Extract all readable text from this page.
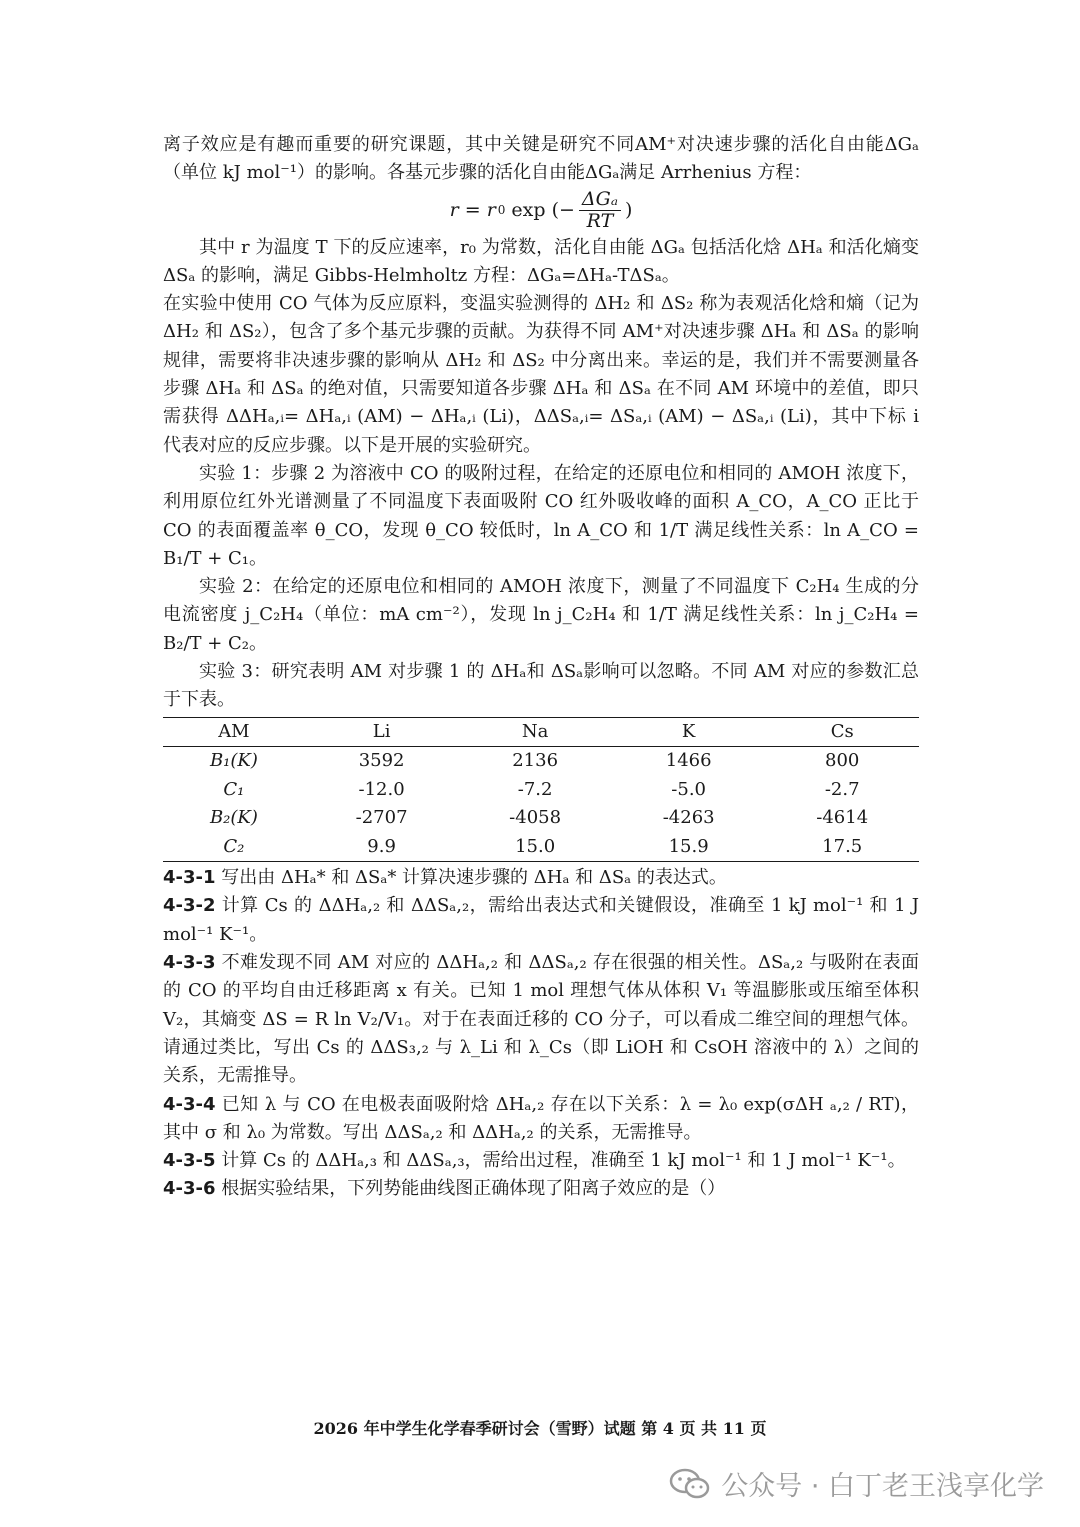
离子效应是有趣而重要的研究课题，其中关键是研究不同AM⁺对决速步骤的活化自由能ΔGₐ（单位 kJ mol⁻¹）的影响。各基元步骤的活化自由能ΔGₐ满足 Arrhenius 方程：

r = r 0 exp (− $\frac{\text{ΔGₐ}}{RT}$ )

其中 r 为温度 T 下的反应速率，r₀ 为常数，活化自由能 ΔGₐ 包括活化焓 ΔHₐ 和活化熵变 ΔSₐ 的影响，满足 Gibbs-Helmholtz 方程：ΔGₐ=ΔHₐ-TΔSₐ。

在实验中使用 CO 气体为反应原料，变温实验测得的 ΔH₂ 和 ΔS₂ 称为表观活化焓和熵（记为 ΔH₂ 和 ΔS₂），包含了多个基元步骤的贡献。为获得不同 AM⁺对决速步骤 ΔHₐ 和 ΔSₐ 的影响规律，需要将非决速步骤的影响从 ΔH₂ 和 ΔS₂ 中分离出来。幸运的是，我们并不需要测量各步骤 ΔHₐ 和 ΔSₐ 的绝对值，只需要知道各步骤 ΔHₐ 和 ΔSₐ 在不同 AM 环境中的差值，即只需获得 ΔΔHₐ,ᵢ= ΔHₐ,ᵢ (AM) − ΔHₐ,ᵢ (Li)，ΔΔSₐ,ᵢ= ΔSₐ,ᵢ (AM) − ΔSₐ,ᵢ (Li)，其中下标 i 代表对应的反应步骤。以下是开展的实验研究。

实验 1：步骤 2 为溶液中 CO 的吸附过程，在给定的还原电位和相同的 AMOH 浓度下，利用原位红外光谱测量了不同温度下表面吸附 CO 红外吸收峰的面积 A_CO，A_CO 正比于 CO 的表面覆盖率 θ_CO，发现 θ_CO 较低时，ln A_CO 和 1/T 满足线性关系：ln A_CO = B₁/T + C₁。

实验 2：在给定的还原电位和相同的 AMOH 浓度下，测量了不同温度下 C₂H₄ 生成的分电流密度 j_C₂H₄（单位：mA cm⁻²），发现 ln j_C₂H₄ 和 1/T 满足线性关系：ln j_C₂H₄ = B₂/T + C₂。

实验 3：研究表明 AM 对步骤 1 的 ΔHₐ和 ΔSₐ影响可以忽略。不同 AM 对应的参数汇总于下表。

AM	Li	Na	K	Cs
B₁(K)	3592	2136	1466	800
C₁	-12.0	-7.2	-5.0	-2.7
B₂(K)	-2707	-4058	-4263	-4614
C₂	9.9	15.0	15.9	17.5

4-3-1 写出由 ΔHₐ* 和 ΔSₐ* 计算决速步骤的 ΔHₐ 和 ΔSₐ 的表达式。

4-3-2 计算 Cs 的 ΔΔHₐ,₂ 和 ΔΔSₐ,₂，需给出表达式和关键假设，准确至 1 kJ mol⁻¹ 和 1 J mol⁻¹ K⁻¹。

4-3-3 不难发现不同 AM 对应的 ΔΔHₐ,₂ 和 ΔΔSₐ,₂ 存在很强的相关性。ΔSₐ,₂ 与吸附在表面的 CO 的平均自由迁移距离 x 有关。已知 1 mol 理想气体从体积 V₁ 等温膨胀或压缩至体积 V₂，其熵变 ΔS = R ln V₂/V₁。对于在表面迁移的 CO 分子，可以看成二维空间的理想气体。请通过类比，写出 Cs 的 ΔΔS₃,₂ 与 λ_Li 和 λ_Cs（即 LiOH 和 CsOH 溶液中的 λ）之间的关系，无需推导。

4-3-4 已知 λ 与 CO 在电极表面吸附焓 ΔHₐ,₂ 存在以下关系：λ = λ₀ exp(σΔH ₐ,₂ / RT)，其中 σ 和 λ₀ 为常数。写出 ΔΔSₐ,₂ 和 ΔΔHₐ,₂ 的关系，无需推导。

4-3-5 计算 Cs 的 ΔΔHₐ,₃ 和 ΔΔSₐ,₃，需给出过程，准确至 1 kJ mol⁻¹ 和 1 J mol⁻¹ K⁻¹。

4-3-6 根据实验结果，下列势能曲线图正确体现了阳离子效应的是（）

2026 年中学生化学春季研讨会（雪野）试题 第 4 页 共 11 页
公众号 · 白丁老王浅享化学
